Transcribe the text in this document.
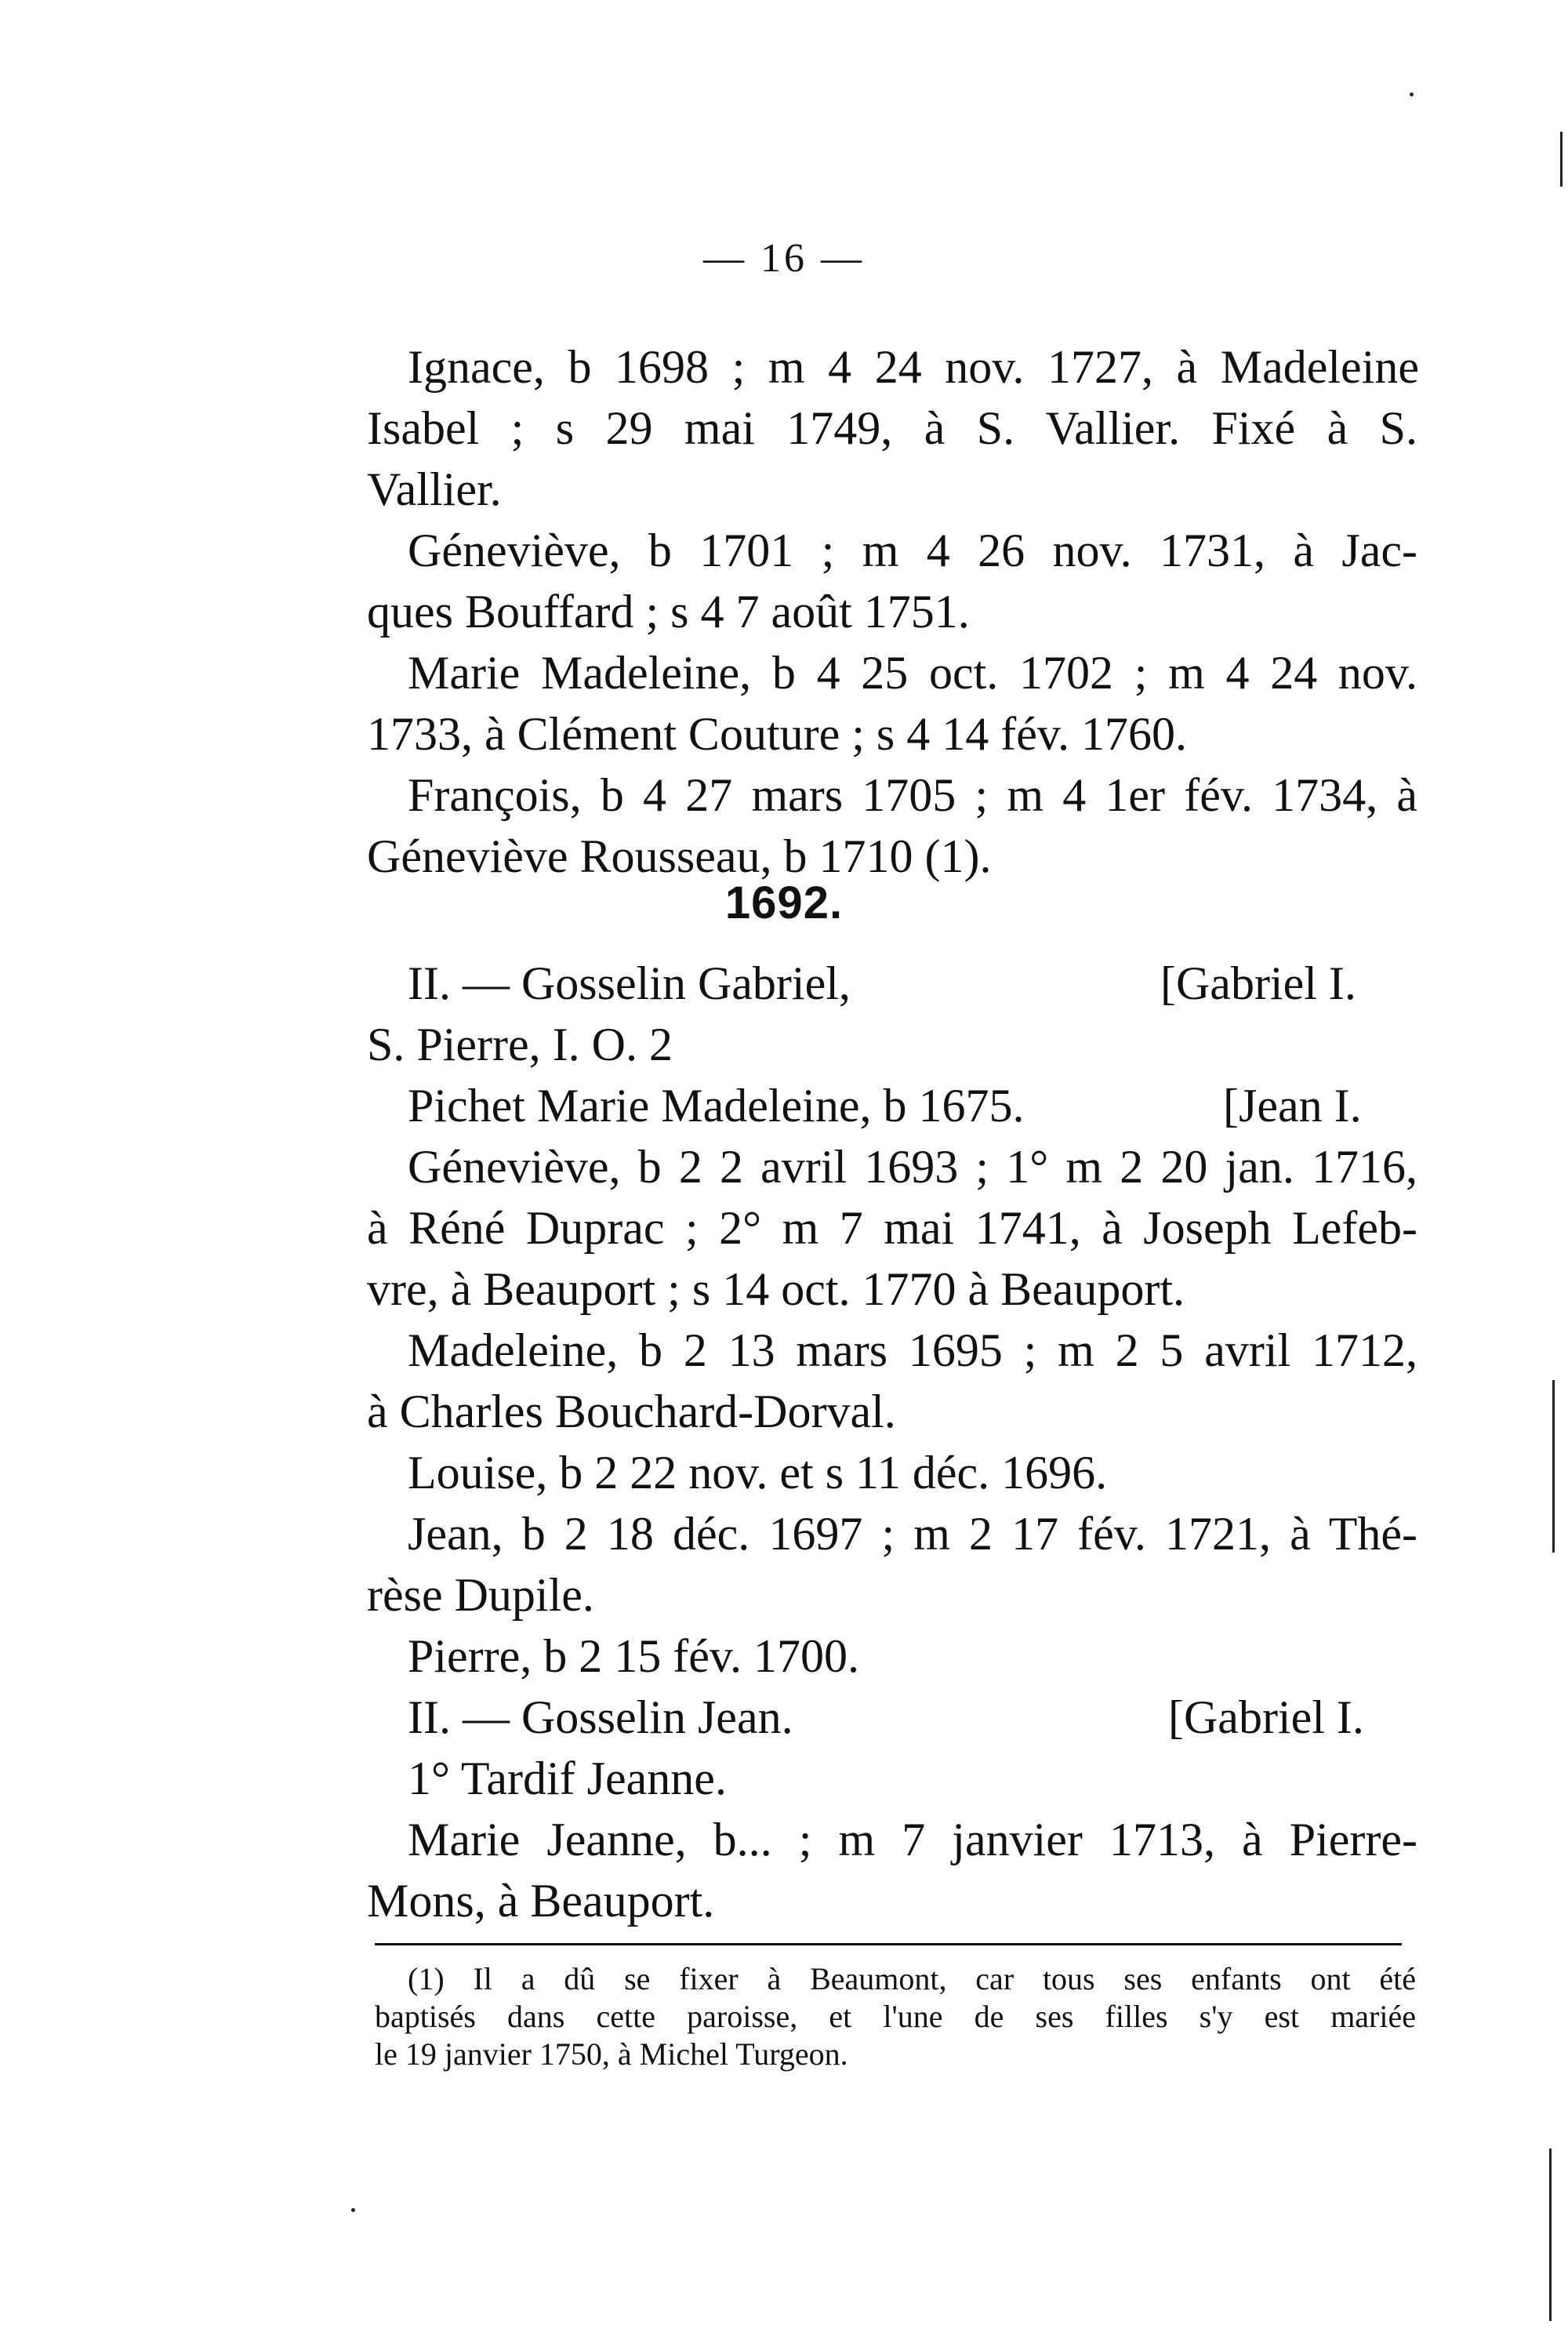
— 16 —
Ignace, b 1698 ; m 4 24 nov. 1727, à Madeleine
Isabel ; s 29 mai 1749, à S. Vallier. Fixé à S.
Vallier.
Géneviève, b 1701 ; m 4 26 nov. 1731, à Jac-
ques Bouffard ; s 4 7 août 1751.
Marie Madeleine, b 4 25 oct. 1702 ; m 4 24 nov.
1733, à Clément Couture ; s 4 14 fév. 1760.
François, b 4 27 mars 1705 ; m 4 1er fév. 1734, à
Géneviève Rousseau, b 1710 (1).
1692.
II. — Gosselin Gabriel,	[Gabriel I.
S. Pierre, I. O. 2
Pichet Marie Madeleine, b 1675.	[Jean I.
Géneviève, b 2 2 avril 1693 ; 1° m 2 20 jan. 1716,
à Réné Duprac ; 2° m 7 mai 1741, à Joseph Lefeb-
vre, à Beauport ; s 14 oct. 1770 à Beauport.
Madeleine, b 2 13 mars 1695 ; m 2 5 avril 1712,
à Charles Bouchard-Dorval.
Louise, b 2 22 nov. et s 11 déc. 1696.
Jean, b 2 18 déc. 1697 ; m 2 17 fév. 1721, à Thé-
rèse Dupile.
Pierre, b 2 15 fév. 1700.
II. — Gosselin Jean.	[Gabriel I.
1° Tardif Jeanne.
Marie Jeanne, b... ; m 7 janvier 1713, à Pierre-
Mons, à Beauport.
(1) Il a dû se fixer à Beaumont, car tous ses enfants ont été
baptisés dans cette paroisse, et l'une de ses filles s'y est mariée
le 19 janvier 1750, à Michel Turgeon.
